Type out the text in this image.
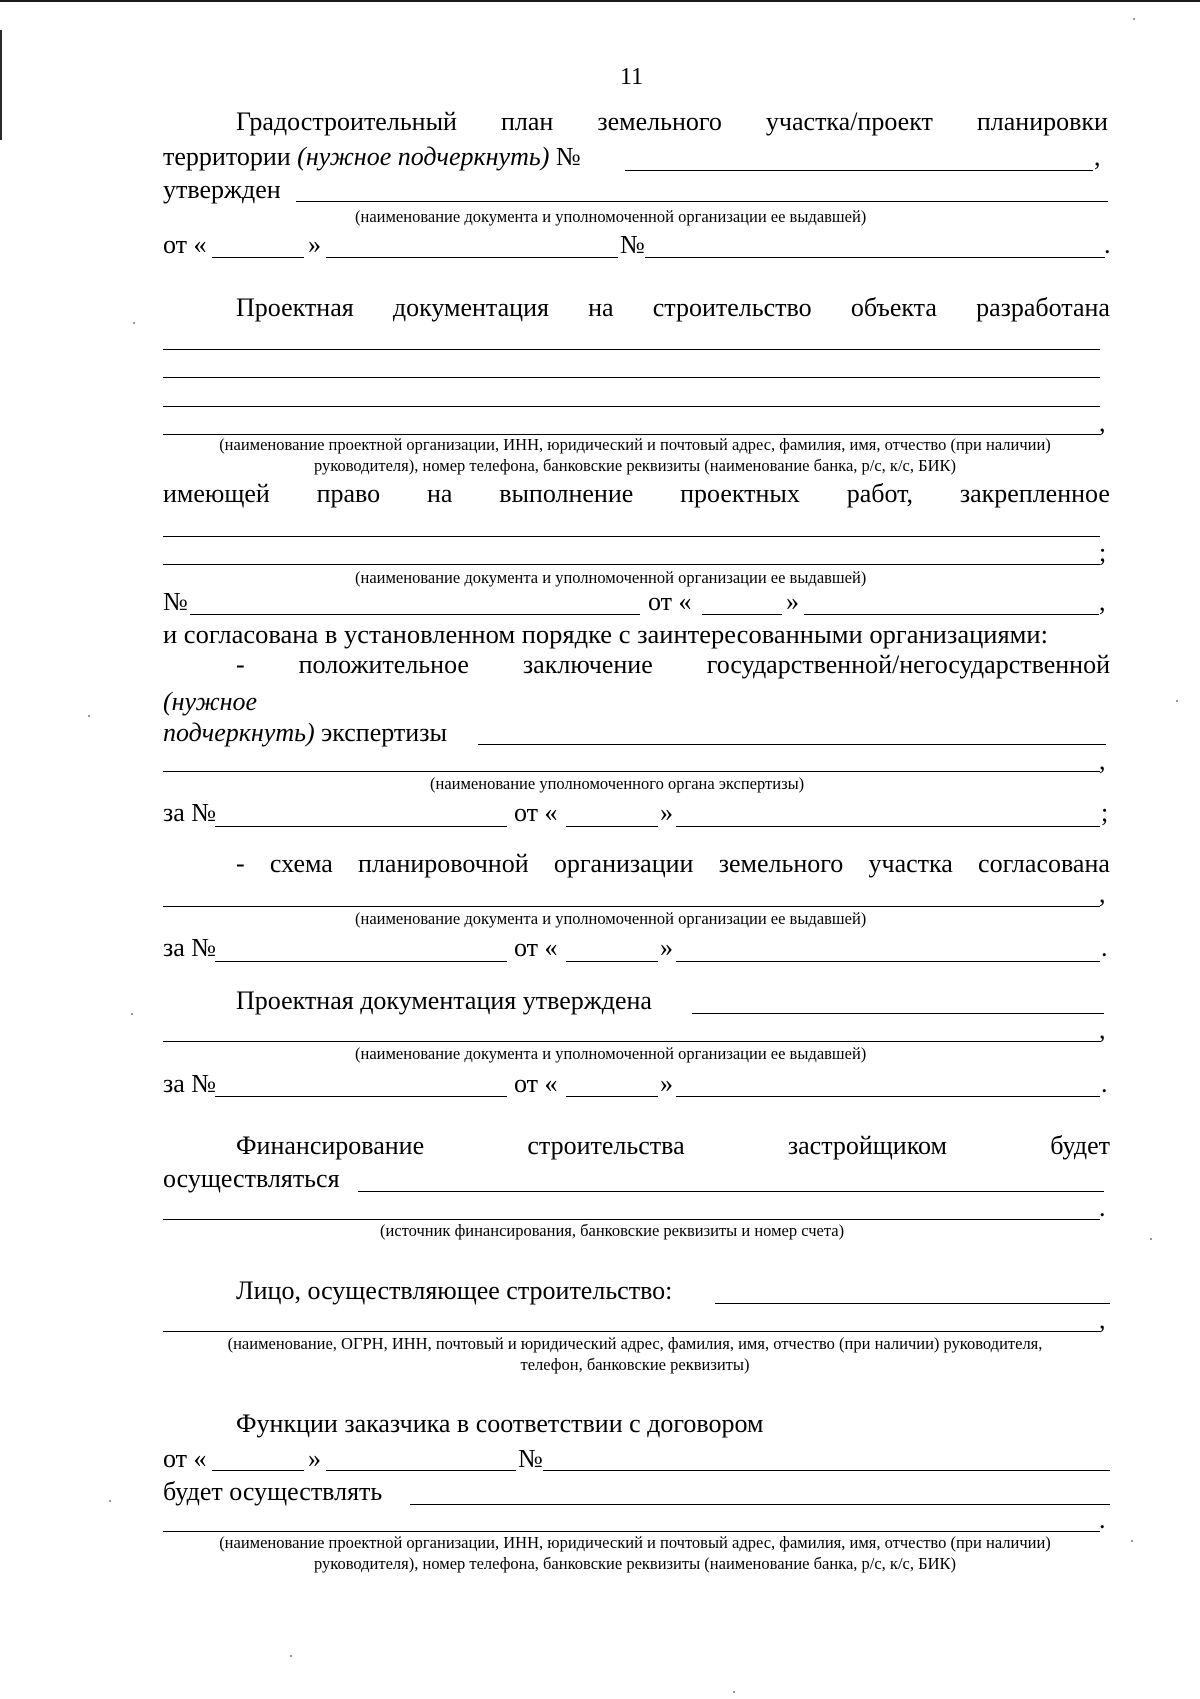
11
Градостроительный план земельного участка/проект планировки
территории (нужное подчеркнуть) №	,
утвержден
(наименование документа и уполномоченной организации ее выдавшей)
от «	»	№	.
Проектная документация на строительство объекта разработана
,
(наименование проектной организации, ИНН, юридический и почтовый адрес, фамилия, имя, отчество (при наличии)
руководителя), номер телефона, банковские реквизиты (наименование банка, р/с, к/с, БИК)
имеющей право на выполнение проектных работ, закрепленное
;
(наименование документа и уполномоченной организации ее выдавшей)
№	от «	»	,
и согласована в установленном порядке с заинтересованными организациями:
- положительное заключение государственной/негосударственной
(нужное
подчеркнуть) экспертизы
,
(наименование уполномоченного органа экспертизы)
за №	от «	»	;
- схема планировочной организации земельного участка согласована
,
(наименование документа и уполномоченной организации ее выдавшей)
за №	от «	»	.
Проектная документация утверждена
,
(наименование документа и уполномоченной организации ее выдавшей)
за №	от «	»	.
Финансирование	строительства	застройщиком	будет
осуществляться
.
(источник финансирования, банковские реквизиты и номер счета)
Лицо, осуществляющее строительство:
,
(наименование, ОГРН, ИНН, почтовый и юридический адрес, фамилия, имя, отчество (при наличии) руководителя,
телефон, банковские реквизиты)
Функции заказчика в соответствии с договором
от «	»	№
будет осуществлять
.
(наименование проектной организации, ИНН, юридический и почтовый адрес, фамилия, имя, отчество (при наличии)
руководителя), номер телефона, банковские реквизиты (наименование банка, р/с, к/с, БИК)
